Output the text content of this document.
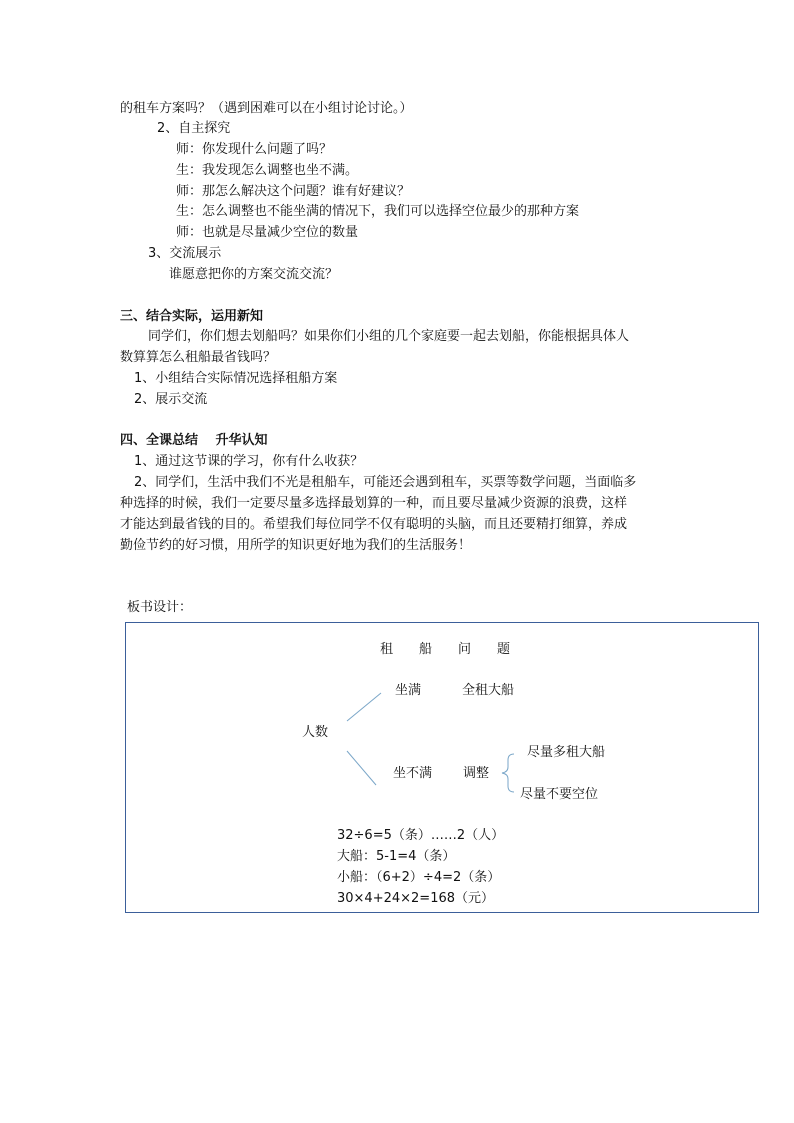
的租车方案吗？（遇到困难可以在小组讨论讨论。）
2、自主探究
师：你发现什么问题了吗？
生：我发现怎么调整也坐不满。
师：那怎么解决这个问题？谁有好建议？
生：怎么调整也不能坐满的情况下，我们可以选择空位最少的那种方案
师：也就是尽量减少空位的数量
3、交流展示
谁愿意把你的方案交流交流？
三、结合实际，运用新知
同学们，你们想去划船吗？如果你们小组的几个家庭要一起去划船，你能根据具体人
数算算怎么租船最省钱吗？
1、小组结合实际情况选择租船方案
2、展示交流
四、全课总结　 升华认知
1、通过这节课的学习，你有什么收获？
2、同学们，生活中我们不光是租船车，可能还会遇到租车，买票等数学问题，当面临多
种选择的时候，我们一定要尽量多选择最划算的一种，而且要尽量减少资源的浪费，这样
才能达到最省钱的目的。希望我们每位同学不仅有聪明的头脑，而且还要精打细算，养成
勤俭节约的好习惯，用所学的知识更好地为我们的生活服务！
板书设计：
租船问题
坐满	全租大船
人数
坐不满 调整
尽量多租大船
尽量不要空位
32÷6=5（条）……2（人）
大船：5-1=4（条）
小船：（6+2）÷4=2（条）
30×4+24×2=168（元）
